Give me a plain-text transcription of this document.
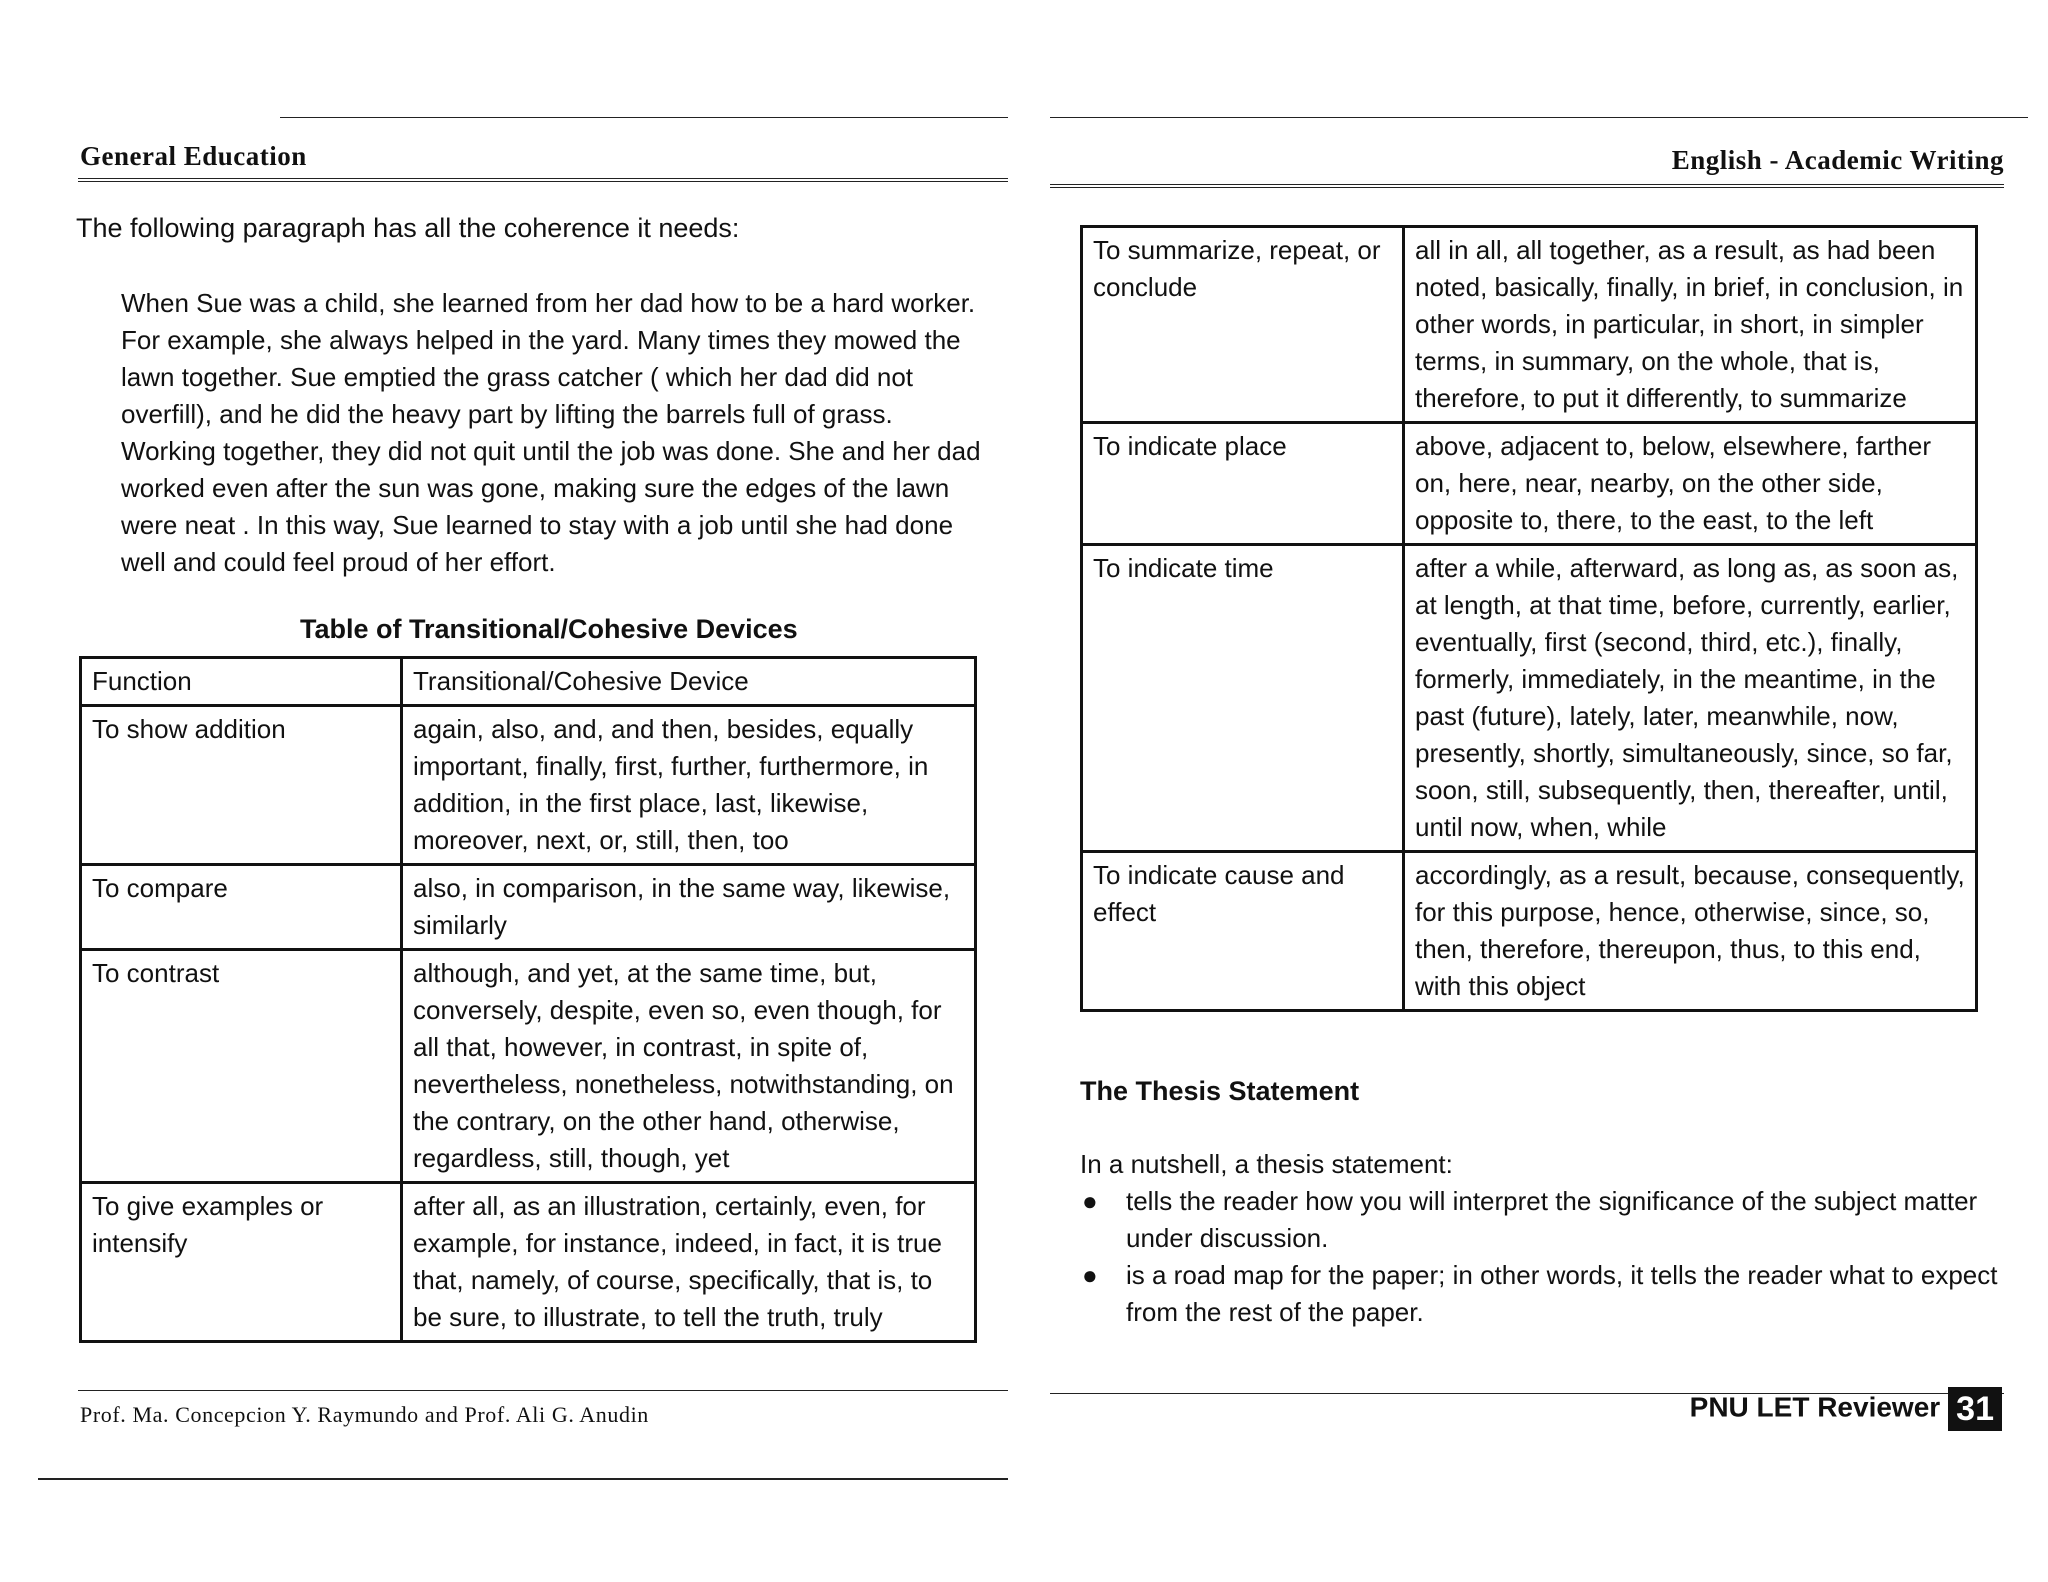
General Education
The following paragraph has all the coherence it needs:

When Sue was a child, she learned from her dad how to be a hard worker. For example, she always helped in the yard. Many times they mowed the lawn together. Sue emptied the grass catcher ( which her dad did not overfill), and he did the heavy part by lifting the barrels full of grass. Working together, they did not quit until the job was done. She and her dad worked even after the sun was gone, making sure the edges of the lawn were neat . In this way, Sue learned to stay with a job until she had done well and could feel proud of her effort.

Table of Transitional/Cohesive Devices
Function	Transitional/Cohesive Device
To show addition	again, also, and, and then, besides, equally important, finally, first, further, furthermore, in addition, in the first place, last, likewise, moreover, next, or, still, then, too
To compare	also, in comparison, in the same way, likewise, similarly
To contrast	although, and yet, at the same time, but, conversely, despite, even so, even though, for all that, however, in contrast, in spite of, nevertheless, nonetheless, notwithstanding, on the contrary, on the other hand, otherwise, regardless, still, though, yet
To give examples or intensify	after all, as an illustration, certainly, even, for example, for instance, indeed, in fact, it is true that, namely, of course, specifically, that is, to be sure, to illustrate, to tell the truth, truly
Prof. Ma. Concepcion Y. Raymundo and Prof. Ali G. Anudin
English - Academic Writing
To summarize, repeat, or conclude	all in all, all together, as a result, as had been noted, basically, finally, in brief, in conclusion, in other words, in particular, in short, in simpler terms, in summary, on the whole, that is, therefore, to put it differently, to summarize
To indicate place	above, adjacent to, below, elsewhere, farther on, here, near, nearby, on the other side, opposite to, there, to the east, to the left
To indicate time	after a while, afterward, as long as, as soon as, at length, at that time, before, currently, earlier, eventually, first (second, third, etc.), finally, formerly, immediately, in the meantime, in the past (future), lately, later, meanwhile, now, presently, shortly, simultaneously, since, so far, soon, still, subsequently, then, thereafter, until, until now, when, while
To indicate cause and effect	accordingly, as a result, because, consequently, for this purpose, hence, otherwise, since, so, then, therefore, thereupon, thus, to this end, with this object
The Thesis Statement
In a nutshell, a thesis statement:
● tells the reader how you will interpret the significance of the subject matter under discussion.
● is a road map for the paper; in other words, it tells the reader what to expect from the rest of the paper.
PNU LET Reviewer 31
